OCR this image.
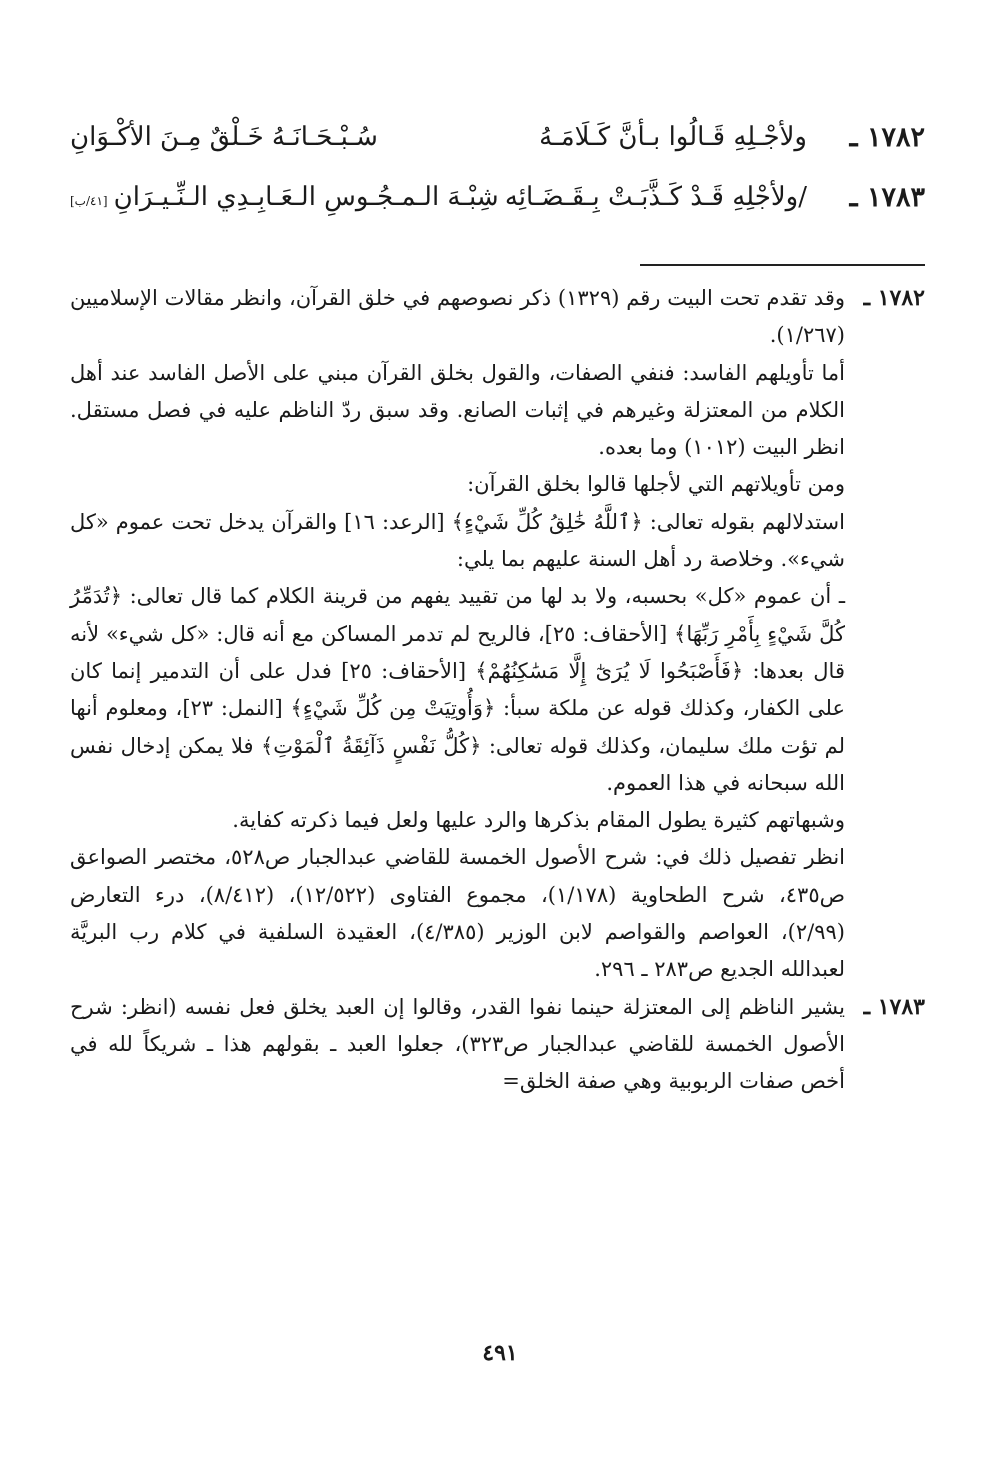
١٧٨٢ ـ
ولأجْـلِهِ قَـالُوا بـأنَّ كَـلَامَـهُ
سُـبْـحَـانَـهُ خَـلْقٌ مِـنَ الأكْـوَانِ
١٧٨٣ ـ
/ولأجْلِهِ قَـدْ كَـذَّبَـتْ بِـقَـضَـائِه
شِبْـهَ الـمـجُـوسِ الـعَـابِـدِي الـنِّـيـرَانِ[٤١/ب]
١٧٨٢ ـ

وقد تقدم تحت البيت رقم (١٣٢٩) ذكر نصوصهم في خلق القرآن، وانظر مقالات الإسلاميين (١/٢٦٧).

أما تأويلهم الفاسد: فنفي الصفات، والقول بخلق القرآن مبني على الأصل الفاسد عند أهل الكلام من المعتزلة وغيرهم في إثبات الصانع. وقد سبق ردّ الناظم عليه في فصل مستقل. انظر البيت (١٠١٢) وما بعده.

ومن تأويلاتهم التي لأجلها قالوا بخلق القرآن:

استدلالهم بقوله تعالى: ﴿ٱللَّهُ خَٰلِقُ كُلِّ شَيْءٍ﴾ [الرعد: ١٦] والقرآن يدخل تحت عموم «كل شيء». وخلاصة رد أهل السنة عليهم بما يلي:

ـ أن عموم «كل» بحسبه، ولا بد لها من تقييد يفهم من قرينة الكلام كما قال تعالى: ﴿تُدَمِّرُ كُلَّ شَيْءٍ بِأَمْرِ رَبِّهَا﴾ [الأحقاف: ٢٥]، فالريح لم تدمر المساكن مع أنه قال: «كل شيء» لأنه قال بعدها: ﴿فَأَصْبَحُوا لَا يُرَىٰٓ إِلَّا مَسَٰكِنُهُمْ﴾ [الأحقاف: ٢٥] فدل على أن التدمير إنما كان على الكفار، وكذلك قوله عن ملكة سبأ: ﴿وَأُوتِيَتْ مِن كُلِّ شَيْءٍ﴾ [النمل: ٢٣]، ومعلوم أنها لم تؤت ملك سليمان، وكذلك قوله تعالى: ﴿كُلُّ نَفْسٍ ذَآئِقَةُ ٱلْمَوْتِ﴾ فلا يمكن إدخال نفس الله سبحانه في هذا العموم.

وشبهاتهم كثيرة يطول المقام بذكرها والرد عليها ولعل فيما ذكرته كفاية.

انظر تفصيل ذلك في: شرح الأصول الخمسة للقاضي عبدالجبار ص٥٢٨، مختصر الصواعق ص٤٣٥، شرح الطحاوية (١/١٧٨)، مجموع الفتاوى (١٢/٥٢٢)، (٨/٤١٢)، درء التعارض (٢/٩٩)، العواصم والقواصم لابن الوزير (٤/٣٨٥)، العقيدة السلفية في كلام رب البريَّة لعبدالله الجديع ص٢٨٣ ـ ٢٩٦.

١٧٨٣ ـ

يشير الناظم إلى المعتزلة حينما نفوا القدر، وقالوا إن العبد يخلق فعل نفسه (انظر: شرح الأصول الخمسة للقاضي عبدالجبار ص٣٢٣)، جعلوا العبد ـ بقولهم هذا ـ شريكاً لله في أخص صفات الربوبية وهي صفة الخلق=

٤٩١
